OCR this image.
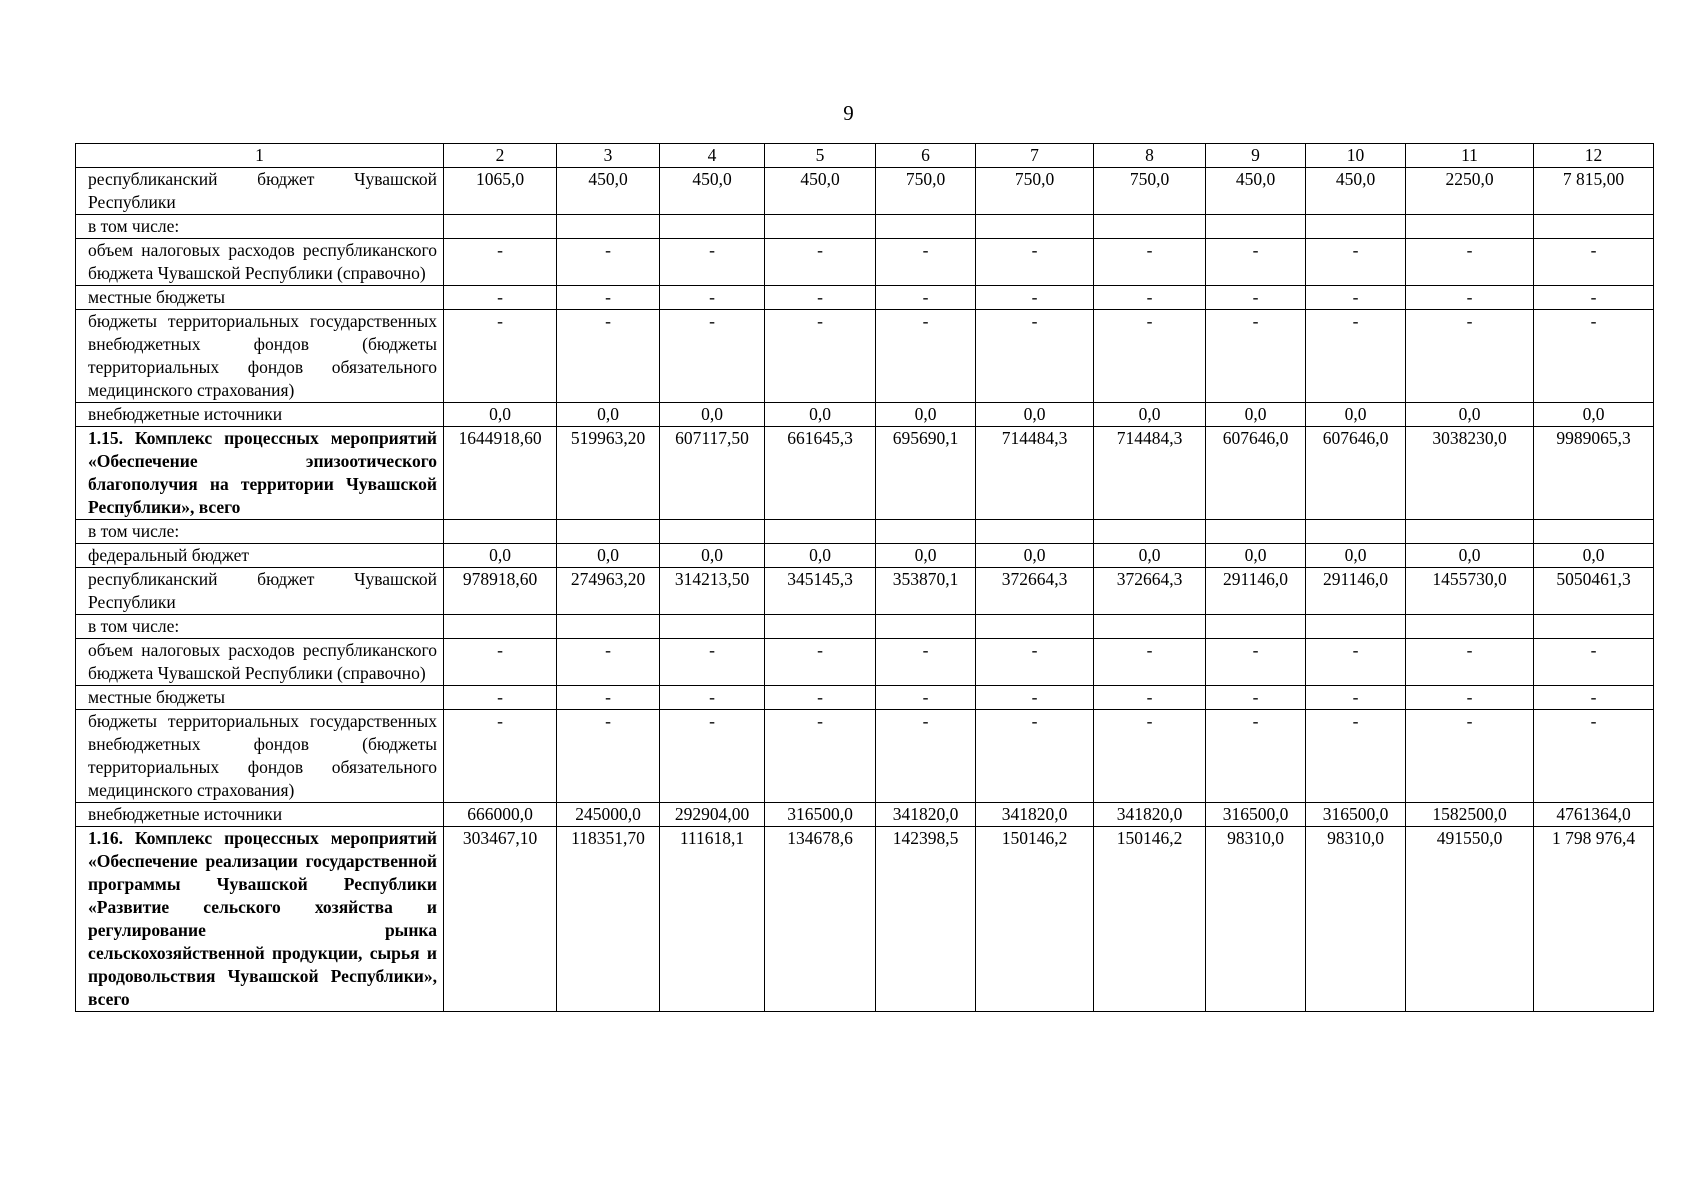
9
1	2	3	4	5	6	7	8	9	10	11	12
республиканский бюджет Чувашской Республики	1065,0	450,0	450,0	450,0	750,0	750,0	750,0	450,0	450,0	2250,0	7 815,00
в том числе:											
объем налоговых расходов республиканского бюджета Чувашской Республики (справочно)	-	-	-	-	-	-	-	-	-	-	-
местные бюджеты	-	-	-	-	-	-	-	-	-	-	-
бюджеты территориальных государственных внебюджетных фондов (бюджеты территориальных фондов обязательного медицинского страхования)	-	-	-	-	-	-	-	-	-	-	-
внебюджетные источники	0,0	0,0	0,0	0,0	0,0	0,0	0,0	0,0	0,0	0,0	0,0
1.15. Комплекс процессных мероприятий «Обеспечение эпизоотического благополучия на территории Чувашской Республики», всего	1644918,60	519963,20	607117,50	661645,3	695690,1	714484,3	714484,3	607646,0	607646,0	3038230,0	9989065,3
в том числе:											
федеральный бюджет	0,0	0,0	0,0	0,0	0,0	0,0	0,0	0,0	0,0	0,0	0,0
республиканский бюджет Чувашской Республики	978918,60	274963,20	314213,50	345145,3	353870,1	372664,3	372664,3	291146,0	291146,0	1455730,0	5050461,3
в том числе:											
объем налоговых расходов республиканского бюджета Чувашской Республики (справочно)	-	-	-	-	-	-	-	-	-	-	-
местные бюджеты	-	-	-	-	-	-	-	-	-	-	-
бюджеты территориальных государственных внебюджетных фондов (бюджеты территориальных фондов обязательного медицинского страхования)	-	-	-	-	-	-	-	-	-	-	-
внебюджетные источники	666000,0	245000,0	292904,00	316500,0	341820,0	341820,0	341820,0	316500,0	316500,0	1582500,0	4761364,0
1.16. Комплекс процессных мероприятий «Обеспечение реализации государственной программы Чувашской Республики «Развитие сельского хозяйства и регулирование рынка сельскохозяйственной продукции, сырья и продовольствия Чувашской Республики», всего	303467,10	118351,70	111618,1	134678,6	142398,5	150146,2	150146,2	98310,0	98310,0	491550,0	1 798 976,4
